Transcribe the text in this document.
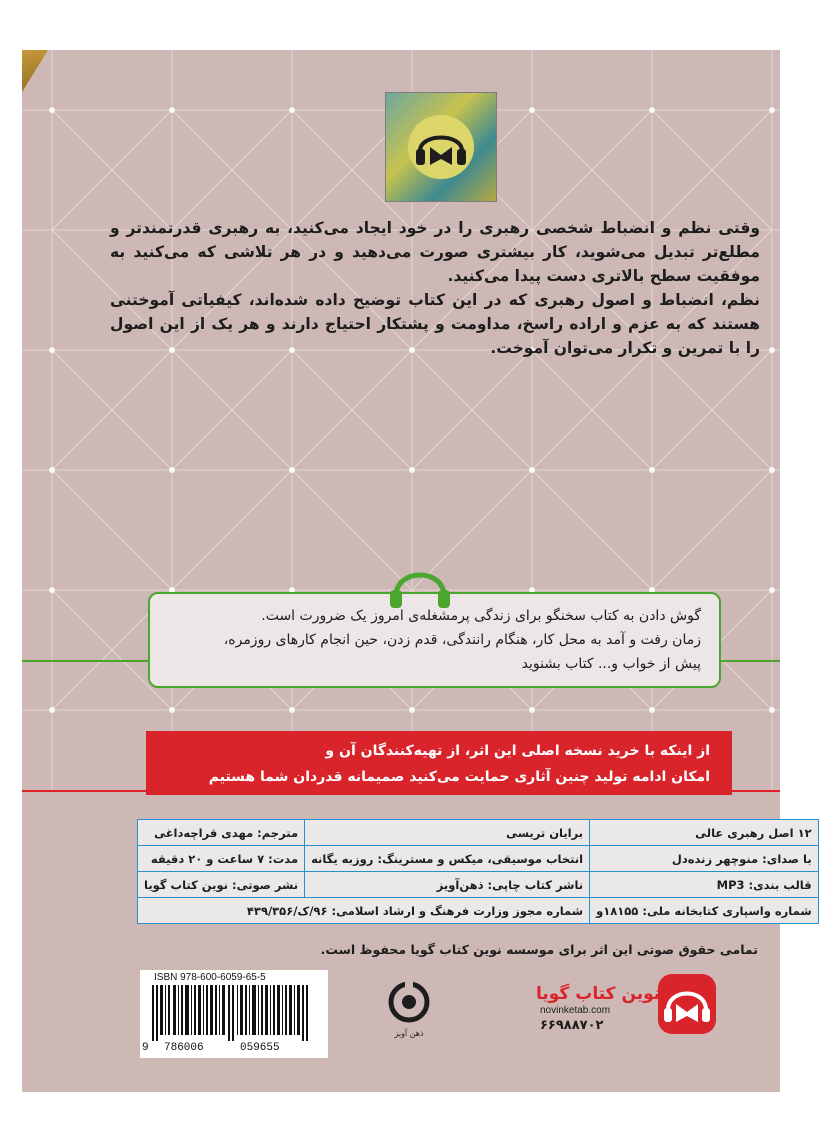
وقتی نظم و انضباط شخصی رهبری را در خود ایجاد می‌کنید، به رهبری قدرتمندتر و مطلع‌تر تبدیل می‌شوید، کار بیشتری صورت می‌دهید و در هر تلاشی که می‌کنید به موفقیت سطح بالاتری دست پیدا می‌کنید.

نظم، انضباط و اصول رهبری که در این کتاب توضیح داده شده‌اند، کیفیاتی آموختنی هستند که به عزم و اراده راسخ، مداومت و پشتکار احتیاج دارند و هر یک از این اصول را با تمرین و تکرار می‌توان آموخت.

گوش دادن به کتاب سخنگو برای زندگی پرمشغله‌ی امروز یک ضرورت است.
زمان رفت و آمد به محل کار، هنگام رانندگی، قدم زدن، حین انجام کارهای روزمره،
پیش از خواب و... کتاب بشنوید

از اینکه با خرید نسخه اصلی این اثر، از تهیه‌کنندگان آن و
امکان ادامه تولید چنین آثاری حمایت می‌کنید صمیمانه قدردان شما هستیم

۱۲ اصل رهبری عالی	برایان تریسی	مترجم: مهدی قراچه‌داغی
با صدای: منوچهر زنده‌دل	انتخاب موسیقی، میکس و مسترینگ: روزبه یگانه	مدت: ۷ ساعت و ۲۰ دقیقه
قالب بندی: MP3	ناشر کتاب چاپی: ذهن‌آویز	نشر صوتی: نوین کتاب گویا
شماره واسپاری کتابخانه ملی: ۱۸۱۵۵و	شماره مجوز وزارت فرهنگ و ارشاد اسلامی: ۹۶/ک/۴۳۹/۳۵۶	

تمامی حقوق صوتی این اثر برای موسسه نوین کتاب گویا محفوظ است.

ISBN 978-600-6059-65-5
9 786006	059655
ذهن آویز
نوین کتاب گویا
novinketab.com
۶۶۹۸۸۷۰۲
